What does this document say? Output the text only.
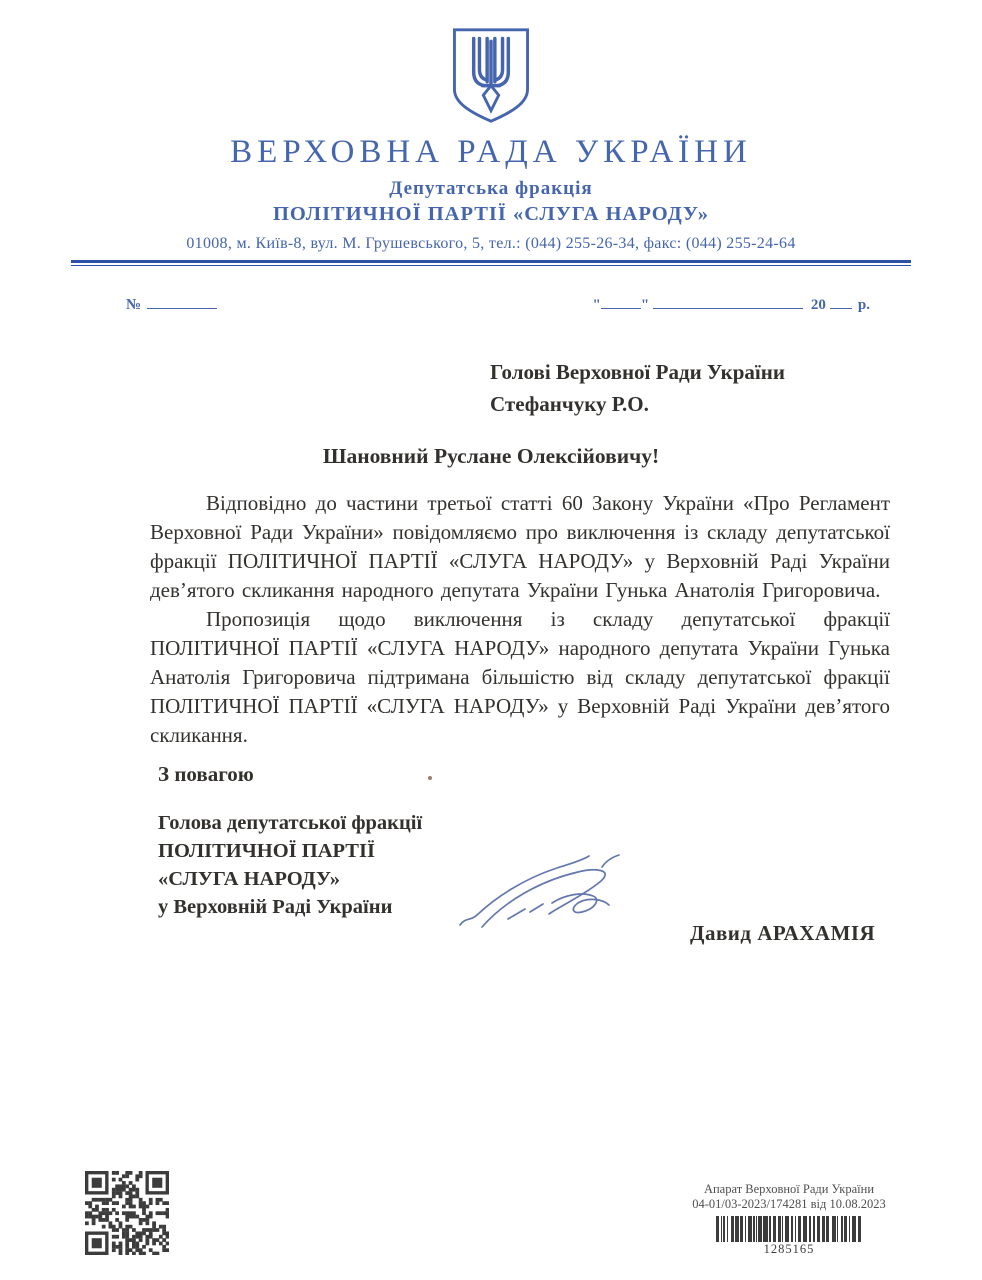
ВЕРХОВНА РАДА УКРАЇНИ
Депутатська фракція
ПОЛІТИЧНОЇ ПАРТІЇ «СЛУГА НАРОДУ»
01008, м. Київ-8, вул. М. Грушевського, 5, тел.: (044) 255-26-34, факс: (044) 255-24-64
№	"	"	20 р.
Голові Верховної Ради України
Стефанчуку Р.О.
Шановний Руслане Олексійовичу!

Відповідно до частини третьої статті 60 Закону України «Про Регламент Верховної Ради України» повідомляємо про виключення із складу депутатської фракції ПОЛІТИЧНОЇ ПАРТІЇ «СЛУГА НАРОДУ» у Верховній Раді України дев’ятого скликання народного депутата України Гунька Анатолія Григоровича.

Пропозиція щодо виключення із складу депутатської фракції ПОЛІТИЧНОЇ ПАРТІЇ «СЛУГА НАРОДУ» народного депутата України Гунька Анатолія Григоровича підтримана більшістю від складу депутатської фракції ПОЛІТИЧНОЇ ПАРТІЇ «СЛУГА НАРОДУ» у Верховній Раді України дев’ятого скликання.

З повагою
Голова депутатської фракції
ПОЛІТИЧНОЇ ПАРТІЇ
«СЛУГА НАРОДУ»
у Верховній Раді України
Давид АРАХАМІЯ
Апарат Верховної Ради України
04-01/03-2023/174281 від 10.08.2023
1285165
